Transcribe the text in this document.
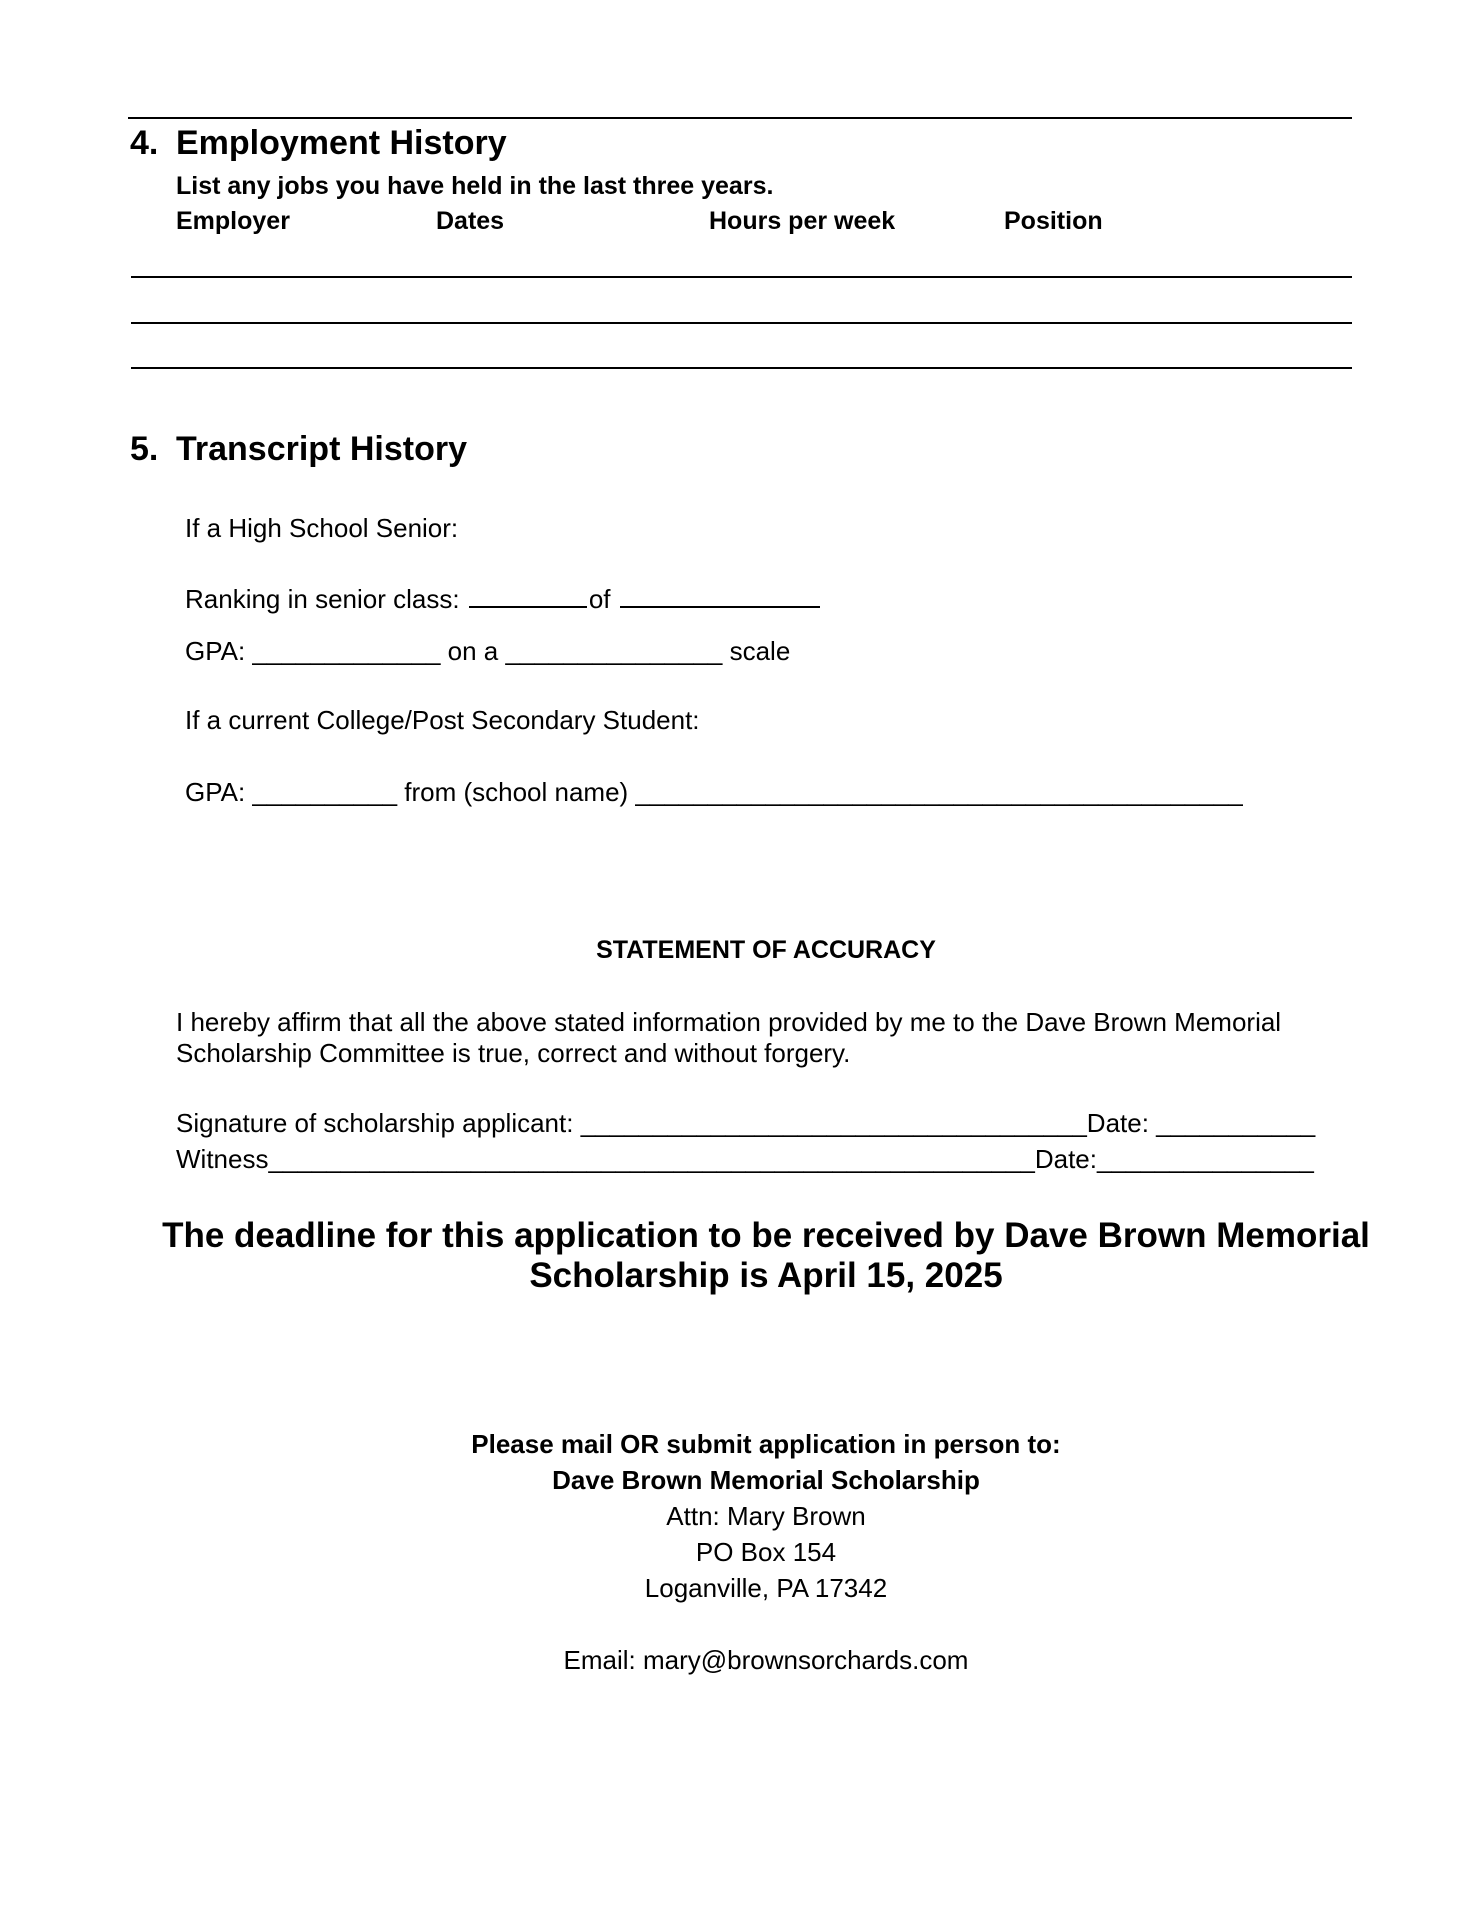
4. Employment History
List any jobs you have held in the last three years.
Employer	Dates	Hours per week	Position
5. Transcript History
If a High School Senior:
Ranking in senior class:	of
GPA: _____________ on a _______________ scale
If a current College/Post Secondary Student:
GPA: __________ from (school name) __________________________________________
STATEMENT OF ACCURACY
I hereby affirm that all the above stated information provided by me to the Dave Brown Memorial
Scholarship Committee is true, correct and without forgery.
Signature of scholarship applicant: ___________________________________Date: ___________
Witness_____________________________________________________Date:_______________
The deadline for this application to be received by Dave Brown Memorial
Scholarship is April 15, 2025
Please mail OR submit application in person to:
Dave Brown Memorial Scholarship
Attn: Mary Brown
PO Box 154
Loganville, PA 17342
Email: mary@brownsorchards.com
